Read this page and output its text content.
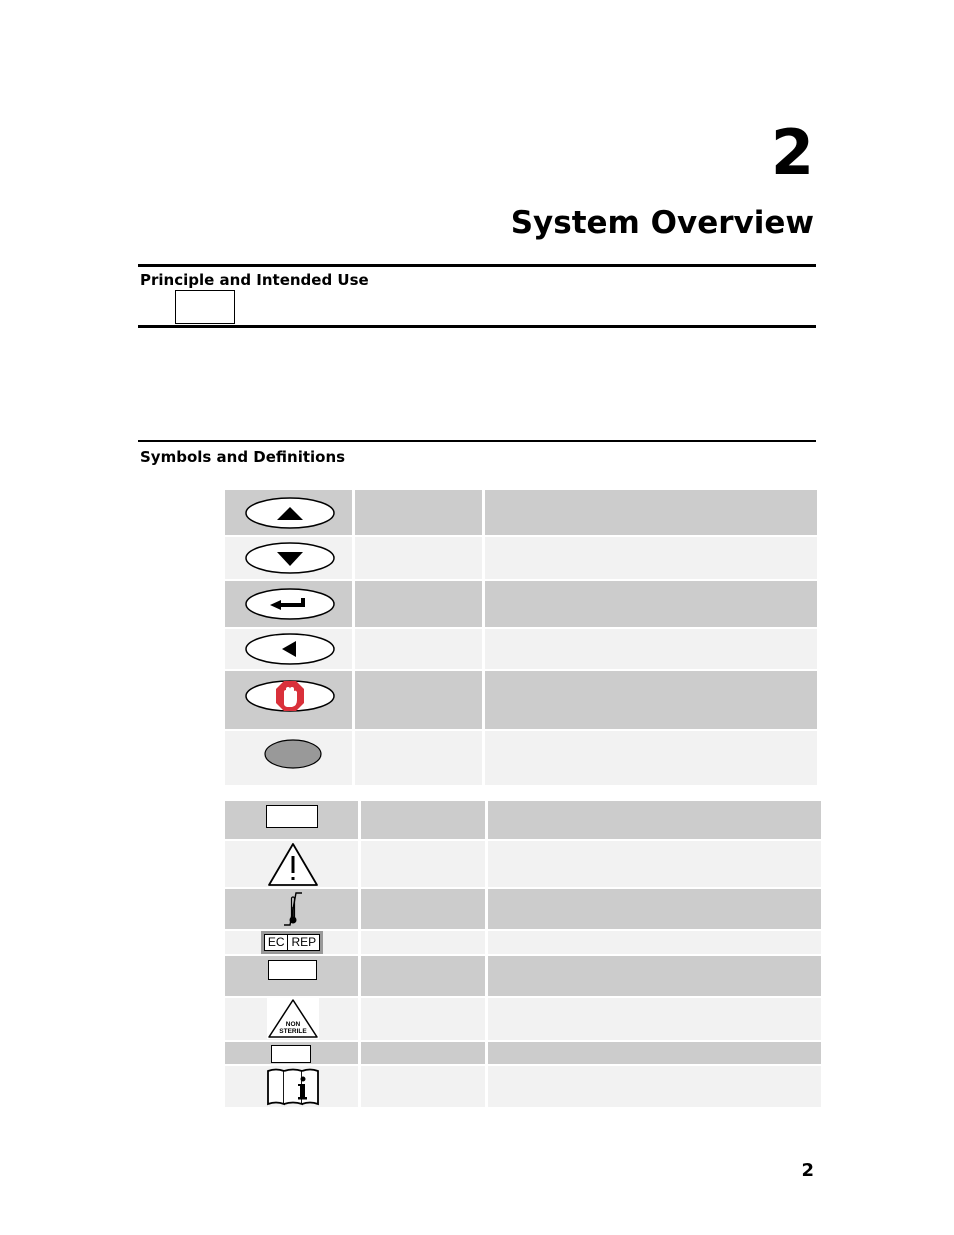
2
System Overview
Principle and Intended Use
Symbols and Definitions
EC REP
NON
STERILE
2
